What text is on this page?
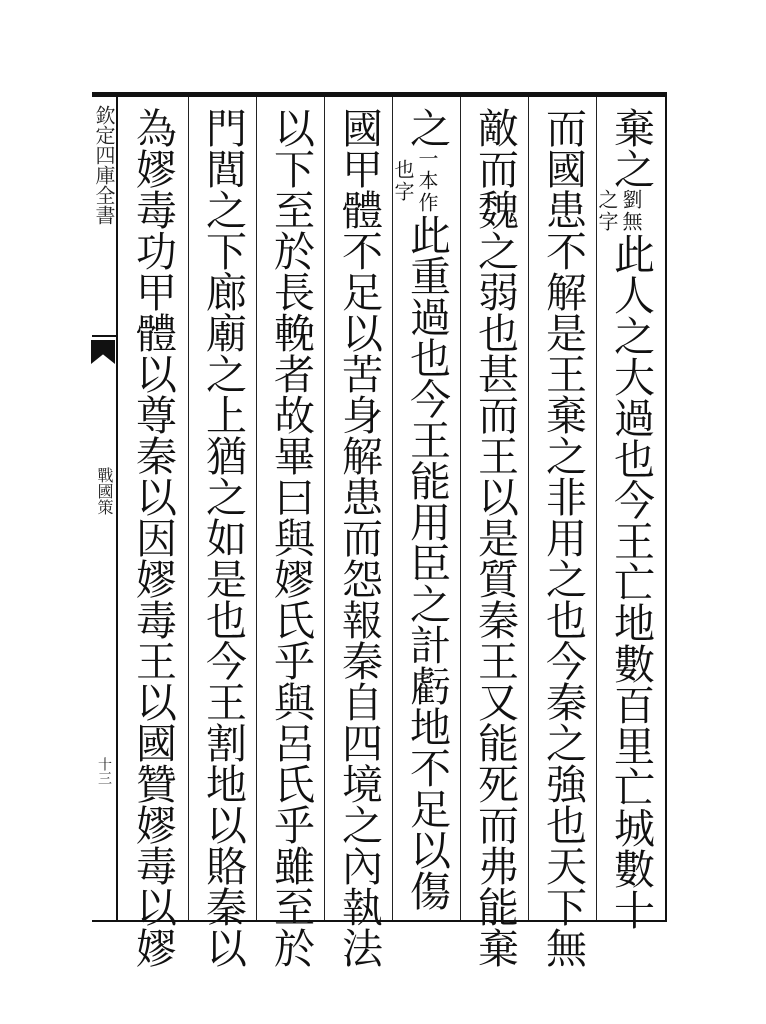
欽定四庫全書
戰國策
十三
棄之
劉無
之字
此人之大過也今王亡地數百里亡城數十
而國患不解是王棄之非用之也今秦之強也天下無
敵而魏之弱也甚而王以是質秦王又能死而弗能棄
之
一本作
也字
此重過也今王能用臣之計虧地不足以傷
國甲體不足以苦身解患而怨報秦自四境之內執法
以下至於長輓者故畢曰與嫪氏乎與呂氏乎雖至於
門閭之下廊廟之上猶之如是也今王割地以賂秦以
為嫪毒功甲體以尊秦以因嫪毒王以國贊嫪毒以嫪
